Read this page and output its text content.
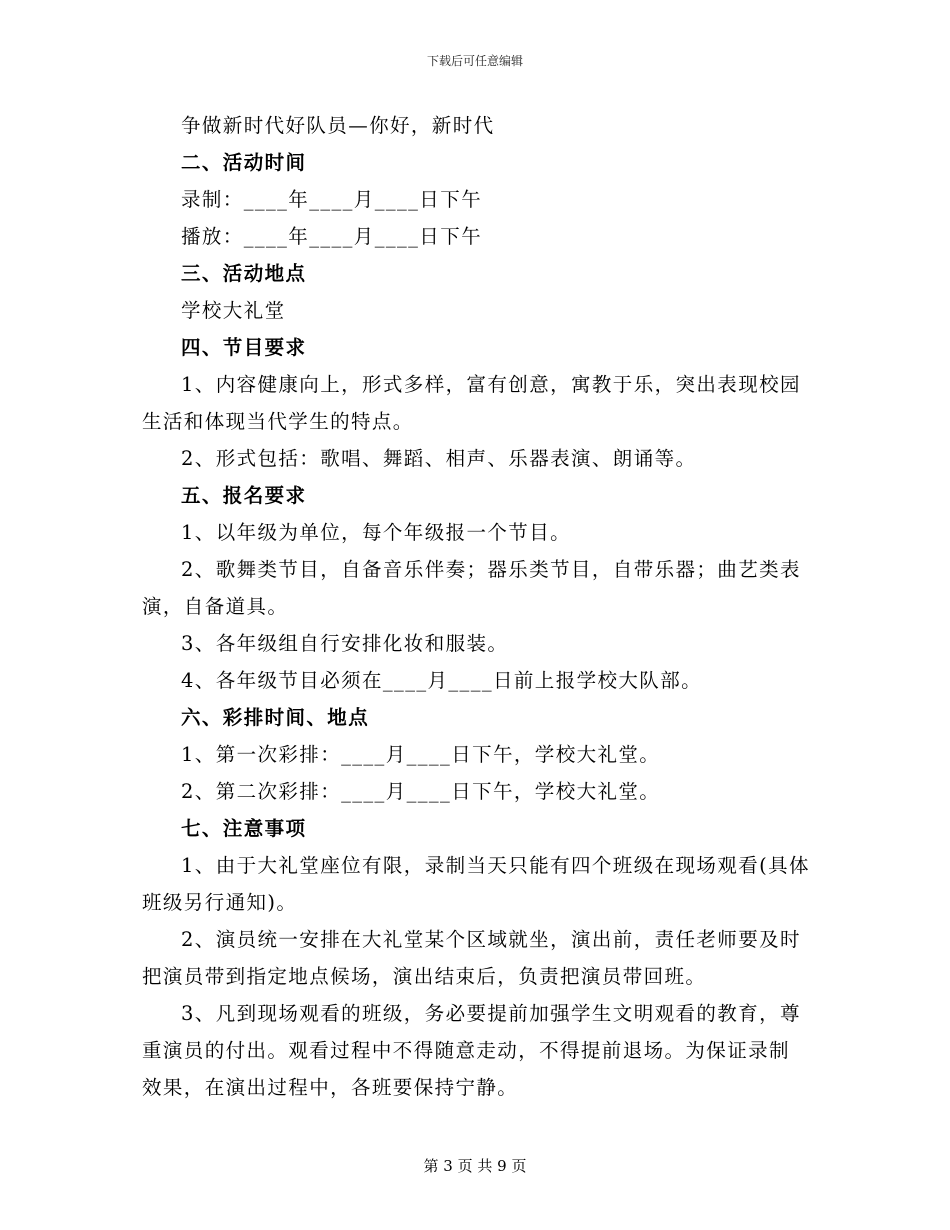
下载后可任意编辑

争做新时代好队员—你好，新时代

二、活动时间

录制：____年____月____日下午

播放：____年____月____日下午

三、活动地点

学校大礼堂

四、节目要求

1、内容健康向上，形式多样，富有创意，寓教于乐，突出表现校园生活和体现当代学生的特点。

2、形式包括：歌唱、舞蹈、相声、乐器表演、朗诵等。

五、报名要求

1、以年级为单位，每个年级报一个节目。

2、歌舞类节目，自备音乐伴奏；器乐类节目，自带乐器；曲艺类表演，自备道具。

3、各年级组自行安排化妆和服装。

4、各年级节目必须在____月____日前上报学校大队部。

六、彩排时间、地点

1、第一次彩排：____月____日下午，学校大礼堂。

2、第二次彩排：____月____日下午，学校大礼堂。

七、注意事项

1、由于大礼堂座位有限，录制当天只能有四个班级在现场观看(具体班级另行通知)。

2、演员统一安排在大礼堂某个区域就坐，演出前，责任老师要及时把演员带到指定地点候场，演出结束后，负责把演员带回班。

3、凡到现场观看的班级，务必要提前加强学生文明观看的教育，尊重演员的付出。观看过程中不得随意走动，不得提前退场。为保证录制效果，在演出过程中，各班要保持宁静。

第 3 页 共 9 页
